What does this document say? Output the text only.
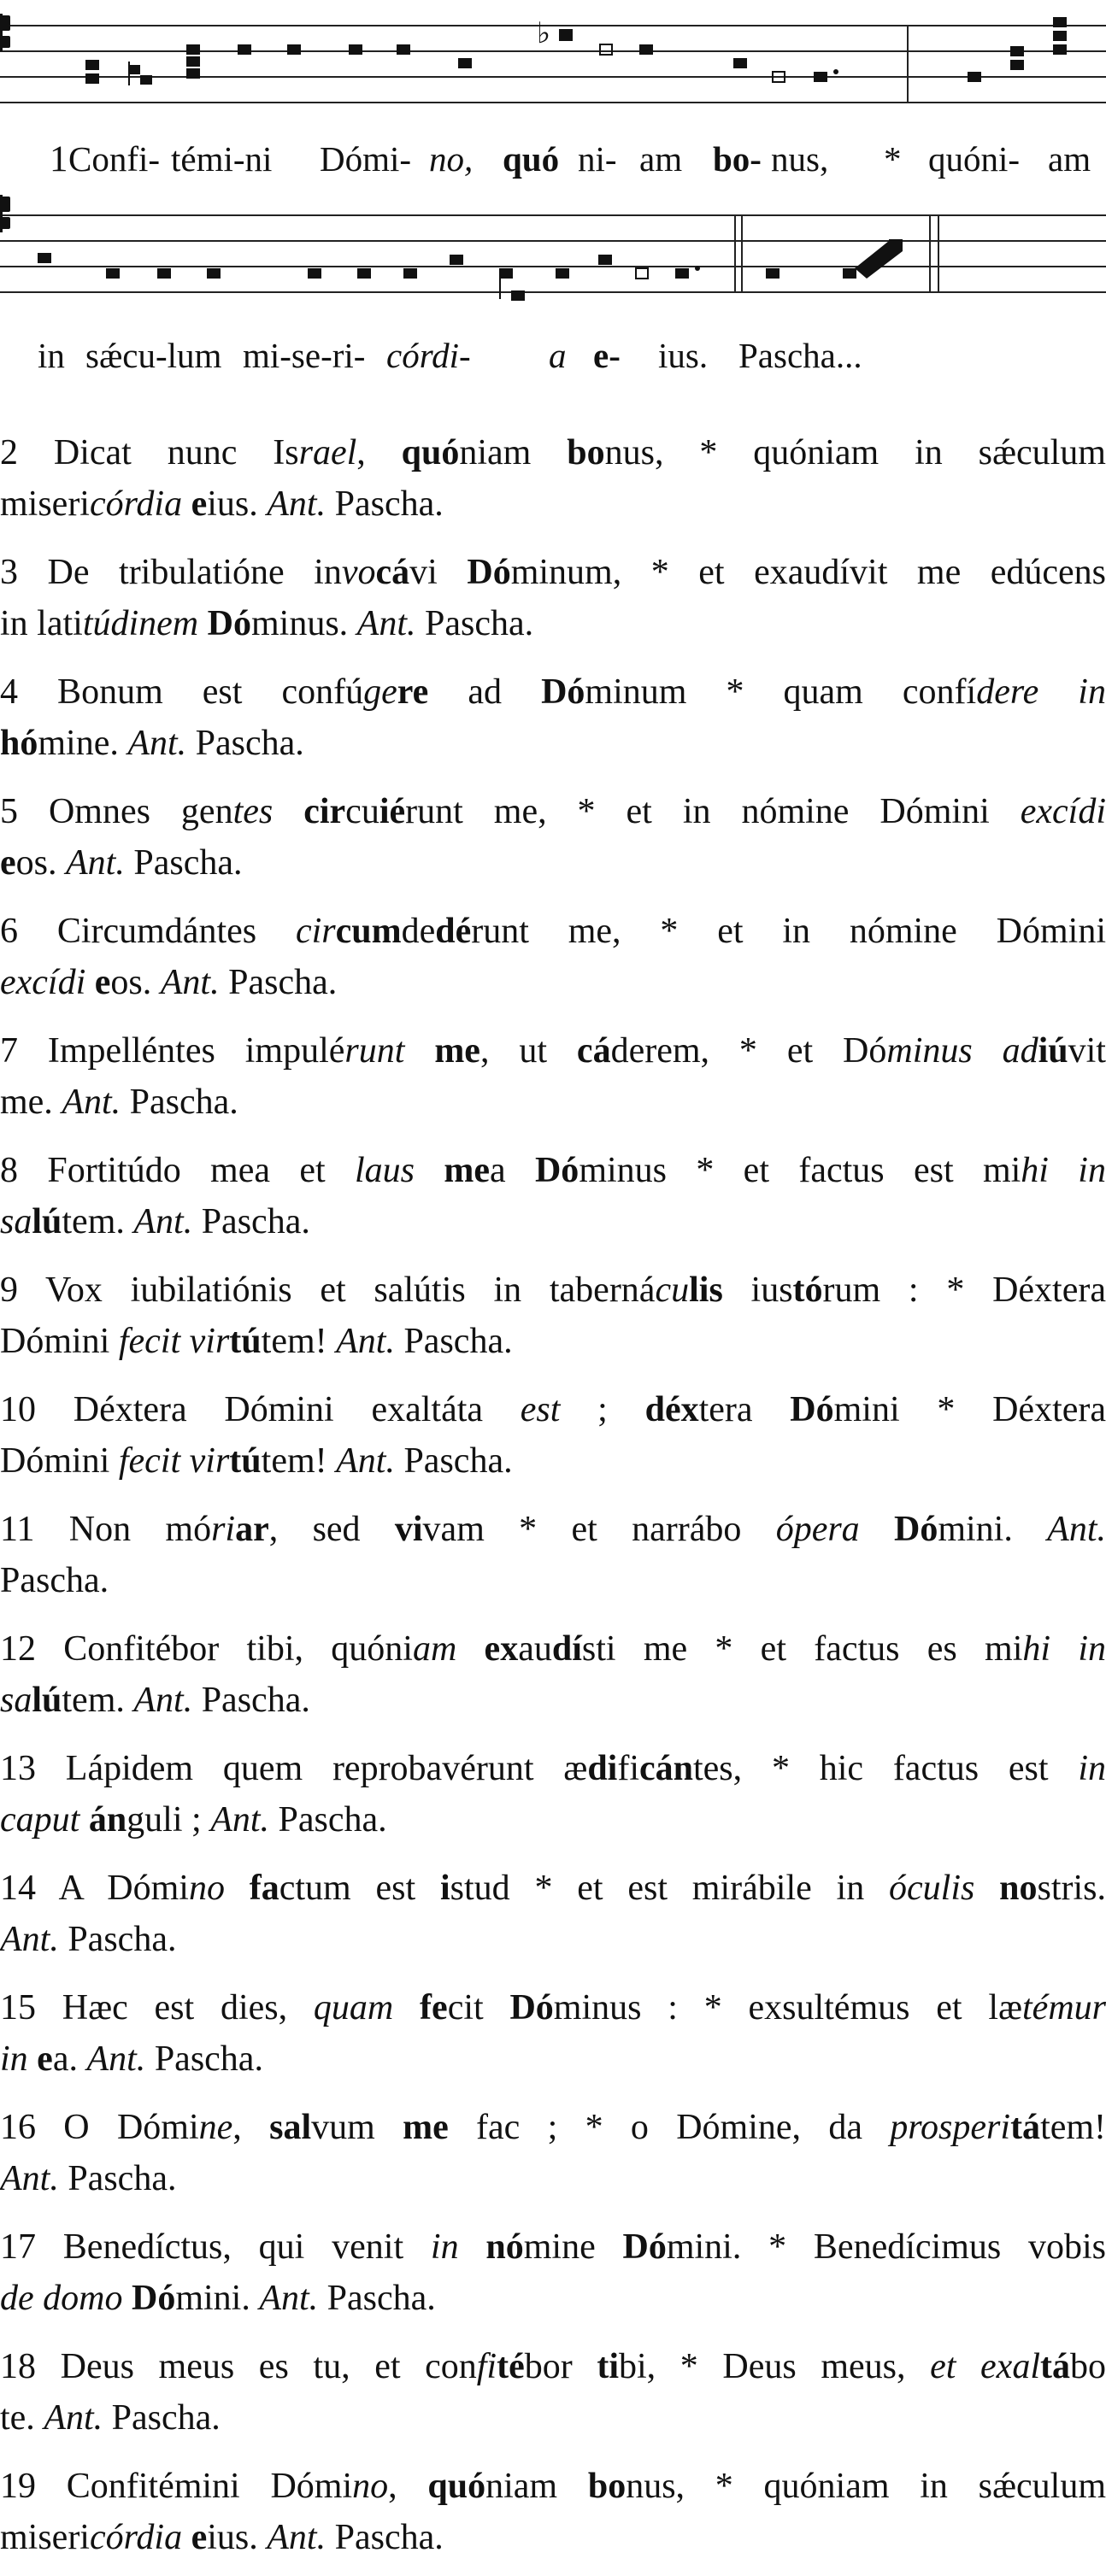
♭
1 Confi- témi-ni Dómi- no, quó ni- am bo- nus, * quóni- am
in sǽcu-lum mi-se-ri- córdi- a e- ius. Pascha...
2 Dicat nunc Israel, quóniam bonus, * quóniam in sǽculum
misericórdia eius. Ant. Pascha.
3 De tribulatióne invocávi Dóminum, * et exaudívit me edúcens
in latitúdinem Dóminus. Ant. Pascha.
4 Bonum est confúgere ad Dóminum * quam confídere in
hómine. Ant. Pascha.
5 Omnes gentes circuiérunt me, * et in nómine Dómini excídi
eos. Ant. Pascha.
6 Circumdántes circumdedérunt me, * et in nómine Dómini
excídi eos. Ant. Pascha.
7 Impelléntes impulérunt me, ut cáderem, * et Dóminus adiúvit
me. Ant. Pascha.
8 Fortitúdo mea et laus mea Dóminus * et factus est mihi in
salútem. Ant. Pascha.
9 Vox iubilatiónis et salútis in tabernáculis iustórum : * Déxtera
Dómini fecit virtútem! Ant. Pascha.
10 Déxtera Dómini exaltáta est ; déxtera Dómini * Déxtera
Dómini fecit virtútem! Ant. Pascha.
11 Non móriar, sed vivam * et narrábo ópera Dómini. Ant.
Pascha.
12 Confitébor tibi, quóniam exaudísti me * et factus es mihi in
salútem. Ant. Pascha.
13 Lápidem quem reprobavérunt ædificántes, * hic factus est in
caput ánguli ; Ant. Pascha.
14 A Dómino factum est istud * et est mirábile in óculis nostris.
Ant. Pascha.
15 Hæc est dies, quam fecit Dóminus : * exsultémus et lætémur
in ea. Ant. Pascha.
16 O Dómine, salvum me fac ; * o Dómine, da prosperitátem!
Ant. Pascha.
17 Benedíctus, qui venit in nómine Dómini. * Benedícimus vobis
de domo Dómini. Ant. Pascha.
18 Deus meus es tu, et confitébor tibi, * Deus meus, et exaltábo
te. Ant. Pascha.
19 Confitémini Dómino, quóniam bonus, * quóniam in sǽculum
misericórdia eius. Ant. Pascha.
